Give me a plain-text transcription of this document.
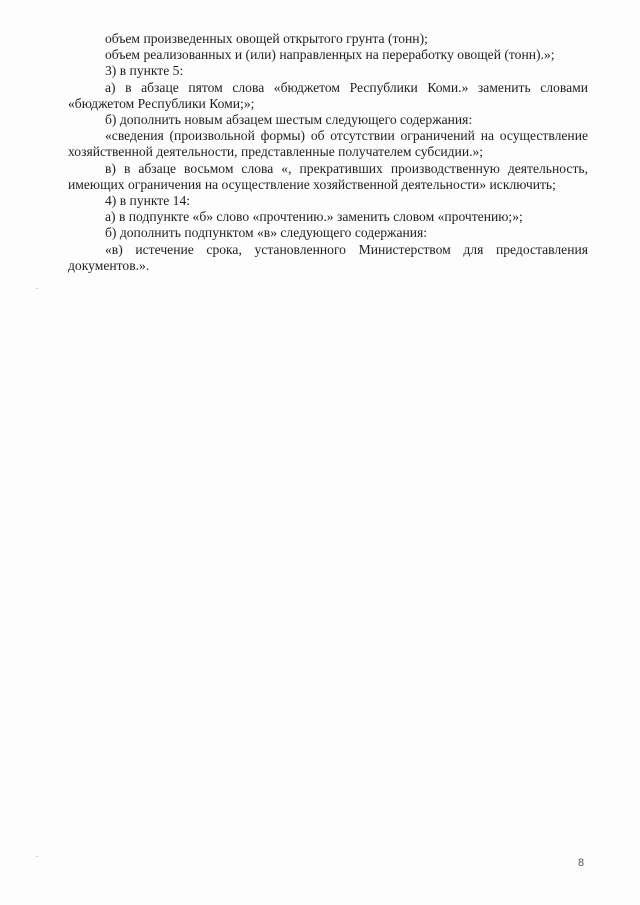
объем произведенных овощей открытого грунта (тонн);

объем реализованных и (или) направленных на переработку овощей (тонн).»;

3) в пункте 5:

а) в абзаце пятом слова «бюджетом Республики Коми.» заменить словами «бюджетом Республики Коми;»;

б) дополнить новым абзацем шестым следующего содержания:

«сведения (произвольной формы) об отсутствии ограничений на осуществление хозяйственной деятельности, представленные получателем субсидии.»;

в) в абзаце восьмом слова «, прекративших производственную деятельность, имеющих ограничения на осуществление хозяйственной деятельности» исключить;

4) в пункте 14:

а) в подпункте «б» слово «прочтению.» заменить словом «прочтению;»;

б) дополнить подпунктом «в» следующего содержания:

«в) истечение срока, установленного Министерством для предоставления документов.».

8
